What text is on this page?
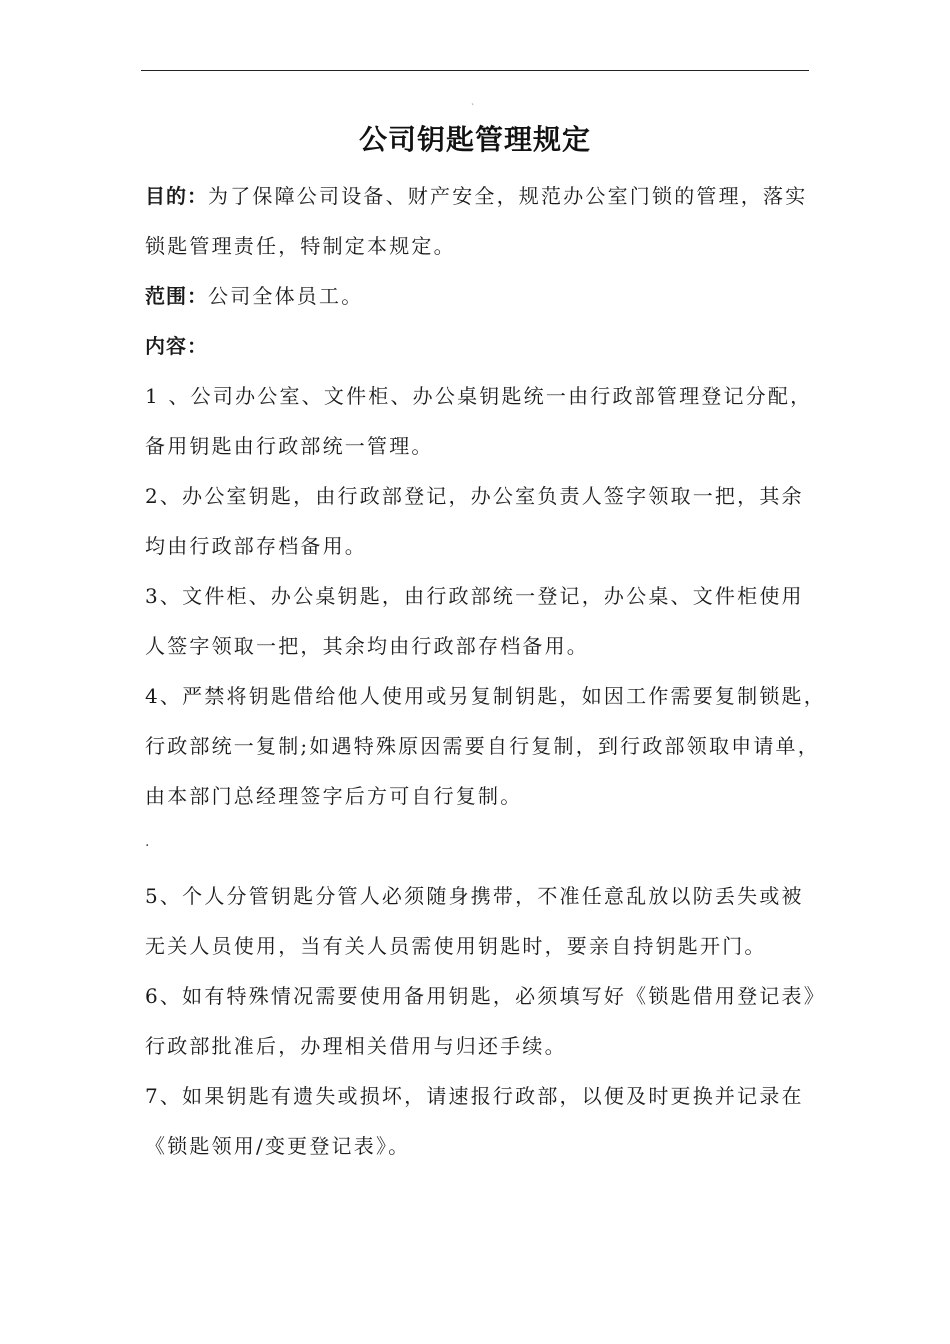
`
公司钥匙管理规定
目的：为了保障公司设备、财产安全，规范办公室门锁的管理，落实
锁匙管理责任，特制定本规定。
范围：公司全体员工。
内容：
1 、公司办公室、文件柜、办公桌钥匙统一由行政部管理登记分配，
备用钥匙由行政部统一管理。
2、办公室钥匙，由行政部登记，办公室负责人签字领取一把，其余
均由行政部存档备用。
3、文件柜、办公桌钥匙，由行政部统一登记，办公桌、文件柜使用
人签字领取一把，其余均由行政部存档备用。
4、严禁将钥匙借给他人使用或另复制钥匙，如因工作需要复制锁匙，
行政部统一复制;如遇特殊原因需要自行复制，到行政部领取申请单，
由本部门总经理签字后方可自行复制。
·
5、个人分管钥匙分管人必须随身携带，不准任意乱放以防丢失或被
无关人员使用，当有关人员需使用钥匙时，要亲自持钥匙开门。
6、如有特殊情况需要使用备用钥匙，必须填写好《锁匙借用登记表》
行政部批准后，办理相关借用与归还手续。
7、如果钥匙有遗失或损坏，请速报行政部，以便及时更换并记录在
《锁匙领用/变更登记表》。
